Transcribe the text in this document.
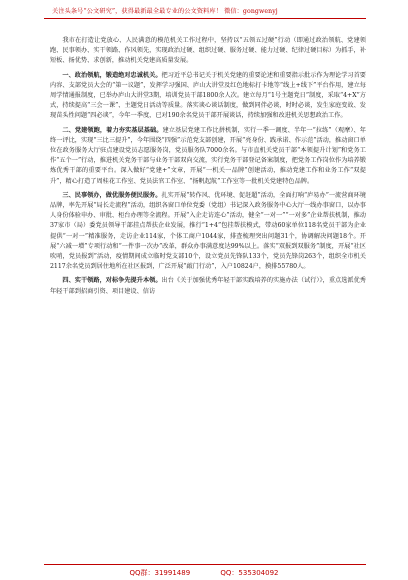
关注头条号“公文研究”，获得最新最全最专业的公文资料库！ 微信：gongwenyj

我市在打造让党放心、人民满意的模范机关工作过程中，坚持以“五领五过硬”行动（即通过政治领航、党建领跑、民事领办、实干领路、作风领先，实现政治过硬、组织过硬、服务过硬、能力过硬、纪律过硬目标）为抓手，补短板、扬优势、求创新，推动机关党建高质量发展。

一、政治领航，锻造绝对忠诚机关。把习近平总书记关于机关党建的重要论述和重要指示批示作为理论学习首要内容、支部党员大会的“第一议题”，发挥学习强国、庐山大讲堂及红色地标打卡地等“线上+线下”平台作用，建立每周学情通报制度，已举办庐山大讲堂3期，培训党员干部1800余人次。建立每月“1号主题党日”制度，采取“4+X”方式，持续提高“三会一课”、主题党日活动等质量。落实谈心谈话制度，做到同伴必谈，时时必谈，发生家庭变故、发现苗头性问题“四必谈”，今年一季度，已对190余名党员干部开展谈话，持续加强和改进机关思想政治工作。

二、党建领跑，着力夯实基层基础。建立基层党建工作比拼机制，实行一季一调度、半年一“拉练”（观摩）、年终一评比，实现“三比三提升”，今年围绕“四强”示范党支部创建，开展“亮身份、践承诺、作示范”活动，推动窗口单位在政务服务大厅驻点建设党员志愿服务岗，党员服务队7000余名。与市直机关党员干部“本领提升计划”和党务工作“五个一”行动，推进机关党务干部与业务干部双向交流，实行党务干部登记备案制度，把党务工作岗位作为培养锻炼优秀干部的重要平台。深入做好“党建+”文章，开展“一机关一品牌”创建活动，推动党建工作和业务工作“双提升”，精心打造了周桂花工作室、党员法官工作室、“扬帆起航”工作室等一批机关党建特色品牌。

三、民事领办，做优服务便民服务。扎实开展“转作风、优环境、促赶超”活动，全面打响“庐易办”一流营商环境品牌，率先开展“局长走流程”活动，组织各窗口单位党委（党组）书记深入政务服务中心大厅一线办事窗口，以办事人身份体验申办、审批、柜台办理等全流程。开展“入企走访连心”活动，健全“一对一”“一对多”企业帮扶机制，推动37家市（局）委党员领导干部挂点帮扶企业发展，推行“1+4”包挂帮扶模式，带动60家单位118名党员干部为企业提供“一对一”精准服务，走访企业114家，个体工商户1044家，排查梳理突出问题31个，协调解决问题18个。开展“六减一增”专项行动和“一件事一次办”改革，群众办事满意度达99%以上。落实“双报到双服务”制度，开展“社区吹哨，党员报到”活动，疫情期间成立临时党支部10个，设立党员先锋队133个，党员先锋岗263个，组织全市机关2117余名党员到居住地所在社区报到，广泛开展“敲门行动”，入户10824户，摸排55780人。

四、实干领路，对标争先提升本领。出台《关于加强优秀年轻干部实践培养的实施办法（试行）》，重点选派优秀年轻干部到招商引资、项目建设、信访

QQ群：31991489	QQ：535304092
